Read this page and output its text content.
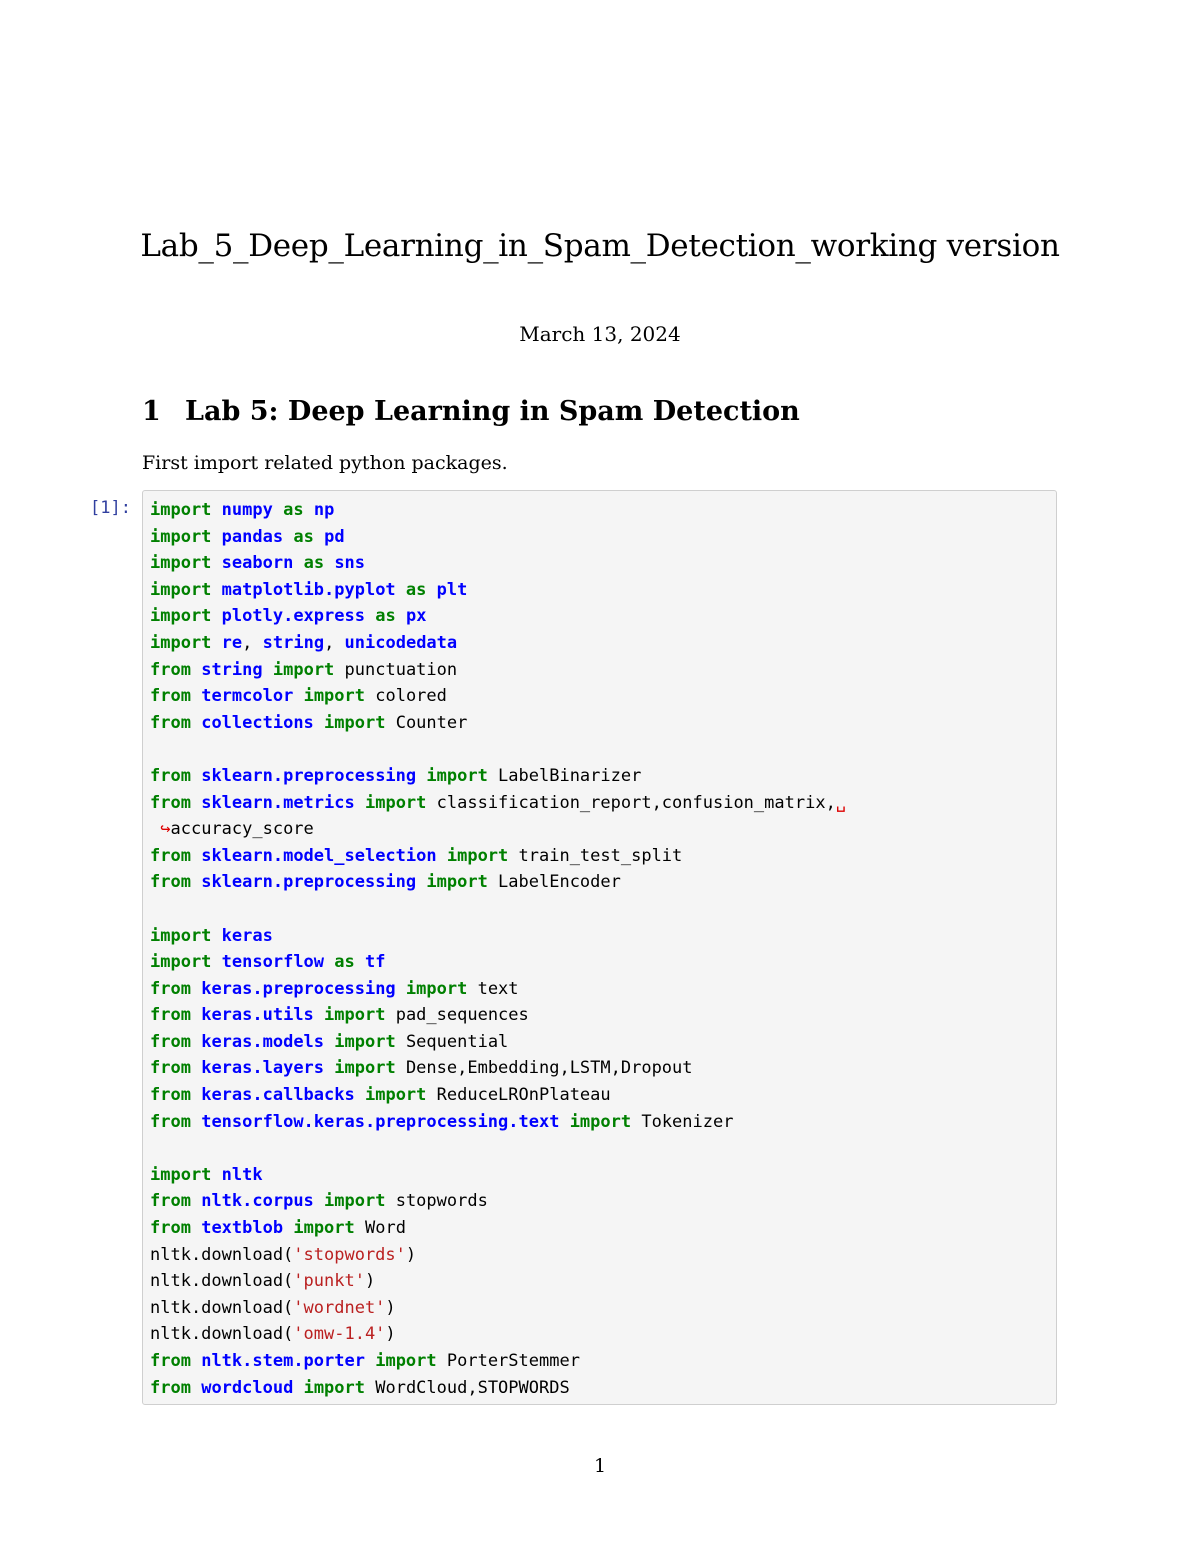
Lab_5_Deep_Learning_in_Spam_Detection_working version
March 13, 2024
1 Lab 5: Deep Learning in Spam Detection
First import related python packages.
[1]: import numpy as np
import pandas as pd
import seaborn as sns
import matplotlib.pyplot as plt
import plotly.express as px
import re, string, unicodedata
from string import punctuation
from termcolor import colored
from collections import Counter
from sklearn.preprocessing import LabelBinarizer
from sklearn.metrics import classification_report,confusion_matrix,␣
↪accuracy_score
from sklearn.model_selection import train_test_split
from sklearn.preprocessing import LabelEncoder
import keras
import tensorflow as tf
from keras.preprocessing import text
from keras.utils import pad_sequences
from keras.models import Sequential
from keras.layers import Dense,Embedding,LSTM,Dropout
from keras.callbacks import ReduceLROnPlateau
from tensorflow.keras.preprocessing.text import Tokenizer
import nltk
from nltk.corpus import stopwords
from textblob import Word
nltk.download('stopwords')
nltk.download('punkt')
nltk.download('wordnet')
nltk.download('omw-1.4')
from nltk.stem.porter import PorterStemmer
from wordcloud import WordCloud,STOPWORDS
1
